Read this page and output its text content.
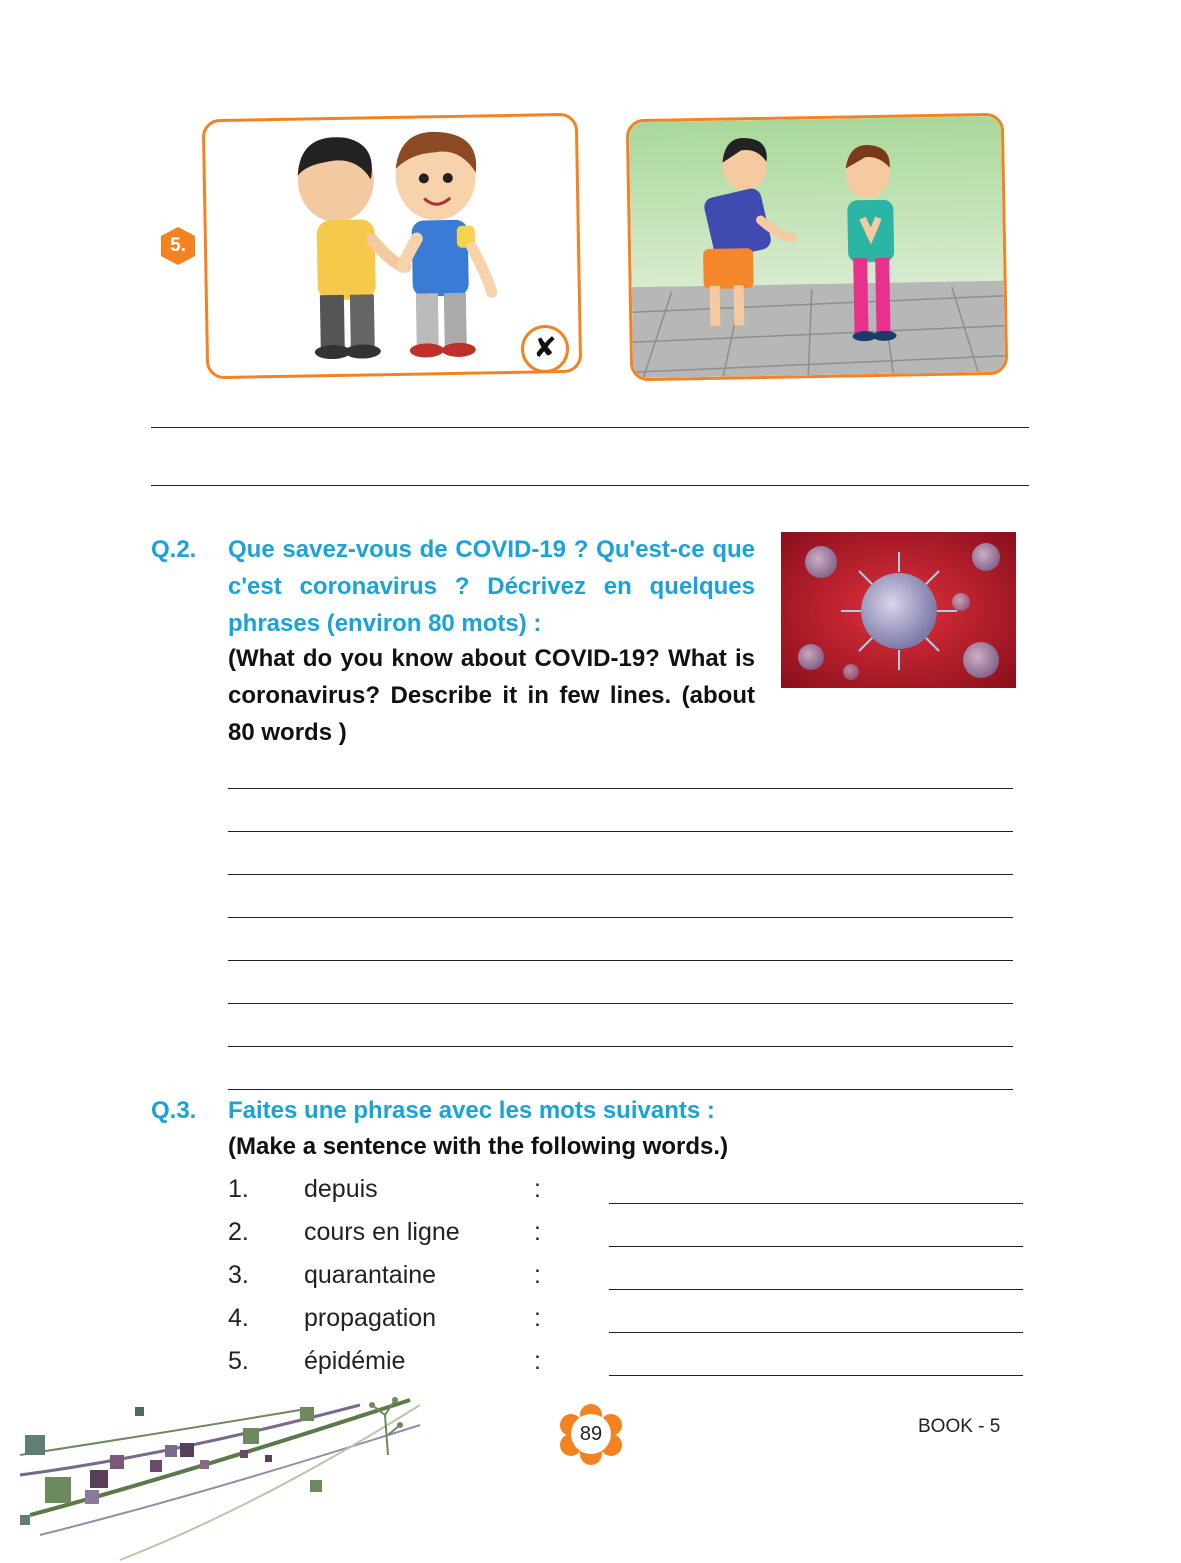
5.
✘
Q.2. Que savez-vous de COVID-19 ? Qu'est-ce que c'est coronavirus ? Décrivez en quelques phrases (environ 80 mots) :
(What do you know about COVID-19? What is coronavirus? Describe it in few lines. (about 80 words )
Q.3. Faites une phrase avec les mots suivants :
(Make a sentence with the following words.)
1. depuis	:
2. cours en ligne	:
3. quarantaine	:
4. propagation	:
5. épidémie	:
89	BOOK - 5
